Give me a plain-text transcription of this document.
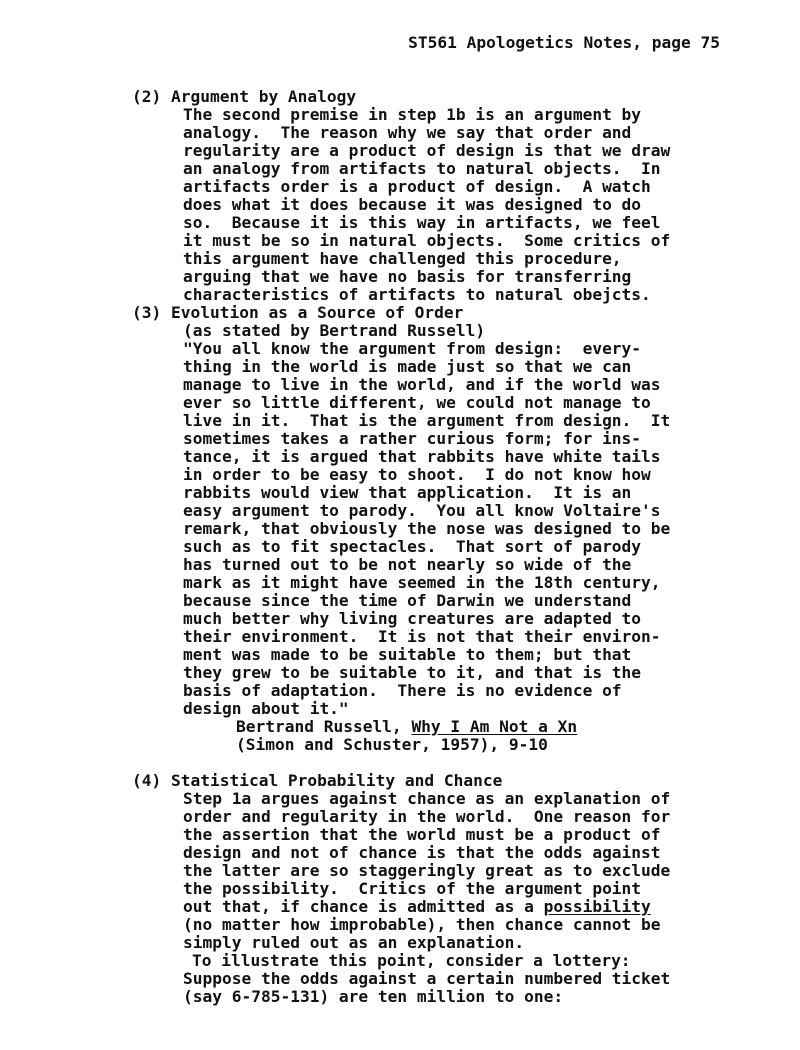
ST561 Apologetics Notes, page 75
(2) Argument by Analogy
The second premise in step 1b is an argument by
analogy.  The reason why we say that order and
regularity are a product of design is that we draw
an analogy from artifacts to natural objects.  In
artifacts order is a product of design.  A watch
does what it does because it was designed to do
so.  Because it is this way in artifacts, we feel
it must be so in natural objects.  Some critics of
this argument have challenged this procedure,
arguing that we have no basis for transferring
characteristics of artifacts to natural obejcts.
(3) Evolution as a Source of Order
(as stated by Bertrand Russell)
"You all know the argument from design:  every-
thing in the world is made just so that we can
manage to live in the world, and if the world was
ever so little different, we could not manage to
live in it.  That is the argument from design.  It
sometimes takes a rather curious form; for ins-
tance, it is argued that rabbits have white tails
in order to be easy to shoot.  I do not know how
rabbits would view that application.  It is an
easy argument to parody.  You all know Voltaire's
remark, that obviously the nose was designed to be
such as to fit spectacles.  That sort of parody
has turned out to be not nearly so wide of the
mark as it might have seemed in the 18th century,
because since the time of Darwin we understand
much better why living creatures are adapted to
their environment.  It is not that their environ-
ment was made to be suitable to them; but that
they grew to be suitable to it, and that is the
basis of adaptation.  There is no evidence of
design about it."
Bertrand Russell, Why I Am Not a Xn
(Simon and Schuster, 1957), 9-10
(4) Statistical Probability and Chance
Step 1a argues against chance as an explanation of
order and regularity in the world.  One reason for
the assertion that the world must be a product of
design and not of chance is that the odds against
the latter are so staggeringly great as to exclude
the possibility.  Critics of the argument point
out that, if chance is admitted as a possibility
(no matter how improbable), then chance cannot be
simply ruled out as an explanation.
To illustrate this point, consider a lottery:
Suppose the odds against a certain numbered ticket
(say 6-785-131) are ten million to one:
